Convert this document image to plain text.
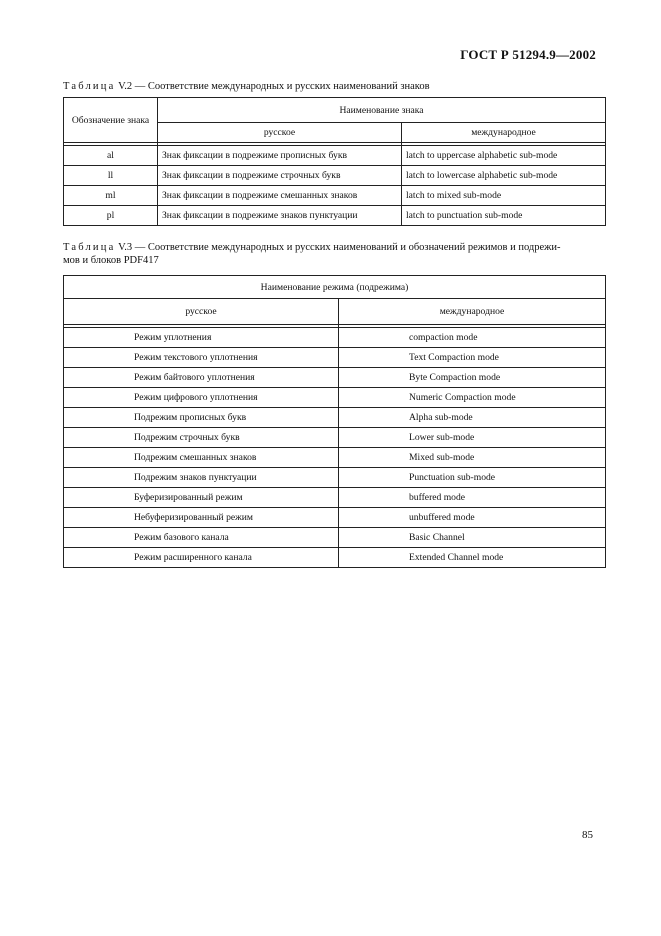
ГОСТ Р 51294.9—2002
Таблица V.2 — Соответствие международных и русских наименований знаков
Обозначение знака	Наименование знака	
	русское	международное

al	Знак фиксации в подрежиме прописных букв	latch to uppercase alphabetic sub-mode
ll	Знак фиксации в подрежиме строчных букв	latch to lowercase alphabetic sub-mode
ml	Знак фиксации в подрежиме смешанных знаков	latch to mixed sub-mode
pl	Знак фиксации в подрежиме знаков пунктуации	latch to punctuation sub-mode
Таблица V.3 — Соответствие международных и русских наименований и обозначений режимов и подрежи-
мов и блоков PDF417
Наименование режима (подрежима)	
русское	международное

Режим уплотнения	compaction mode
Режим текстового уплотнения	Text Compaction mode
Режим байтового уплотнения	Byte Compaction mode
Режим цифрового уплотнения	Numeric Compaction mode
Подрежим прописных букв	Alpha sub-mode
Подрежим строчных букв	Lower sub-mode
Подрежим смешанных знаков	Mixed sub-mode
Подрежим знаков пунктуации	Punctuation sub-mode
Буферизированный режим	buffered mode
Небуферизированный режим	unbuffered mode
Режим базового канала	Basic Channel
Режим расширенного канала	Extended Channel mode
85
